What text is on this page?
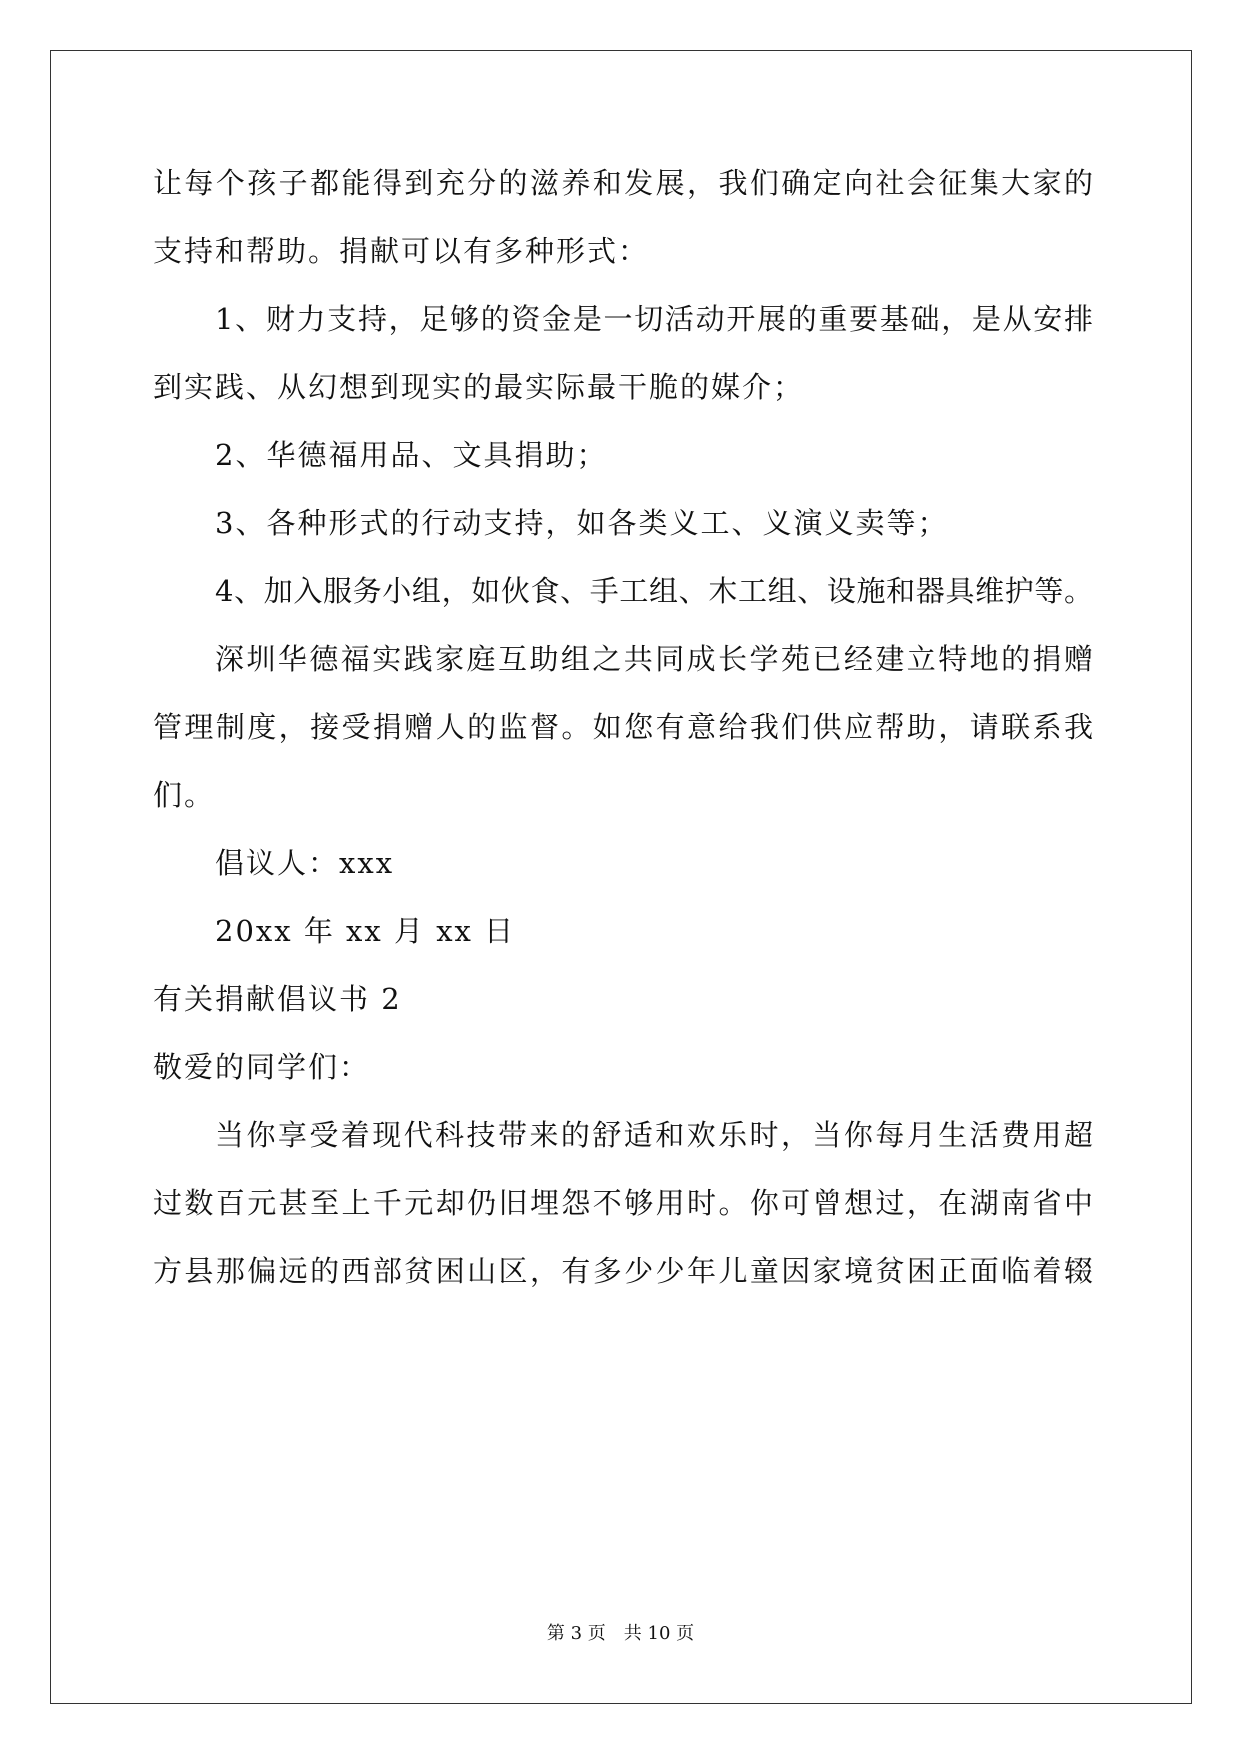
让每个孩子都能得到充分的滋养和发展，我们确定向社会征集大家的
支持和帮助。捐献可以有多种形式：
1、财力支持，足够的资金是一切活动开展的重要基础，是从安排
到实践、从幻想到现实的最实际最干脆的媒介；
2、华德福用品、文具捐助；
3、各种形式的行动支持，如各类义工、义演义卖等；
4、加入服务小组，如伙食、手工组、木工组、设施和器具维护等。
深圳华德福实践家庭互助组之共同成长学苑已经建立特地的捐赠
管理制度，接受捐赠人的监督。如您有意给我们供应帮助，请联系我
们。
倡议人：xxx
20xx 年 xx 月 xx 日
有关捐献倡议书 2
敬爱的同学们：
当你享受着现代科技带来的舒适和欢乐时，当你每月生活费用超
过数百元甚至上千元却仍旧埋怨不够用时。你可曾想过，在湖南省中
方县那偏远的西部贫困山区，有多少少年儿童因家境贫困正面临着辍
第 3 页 共 10 页
